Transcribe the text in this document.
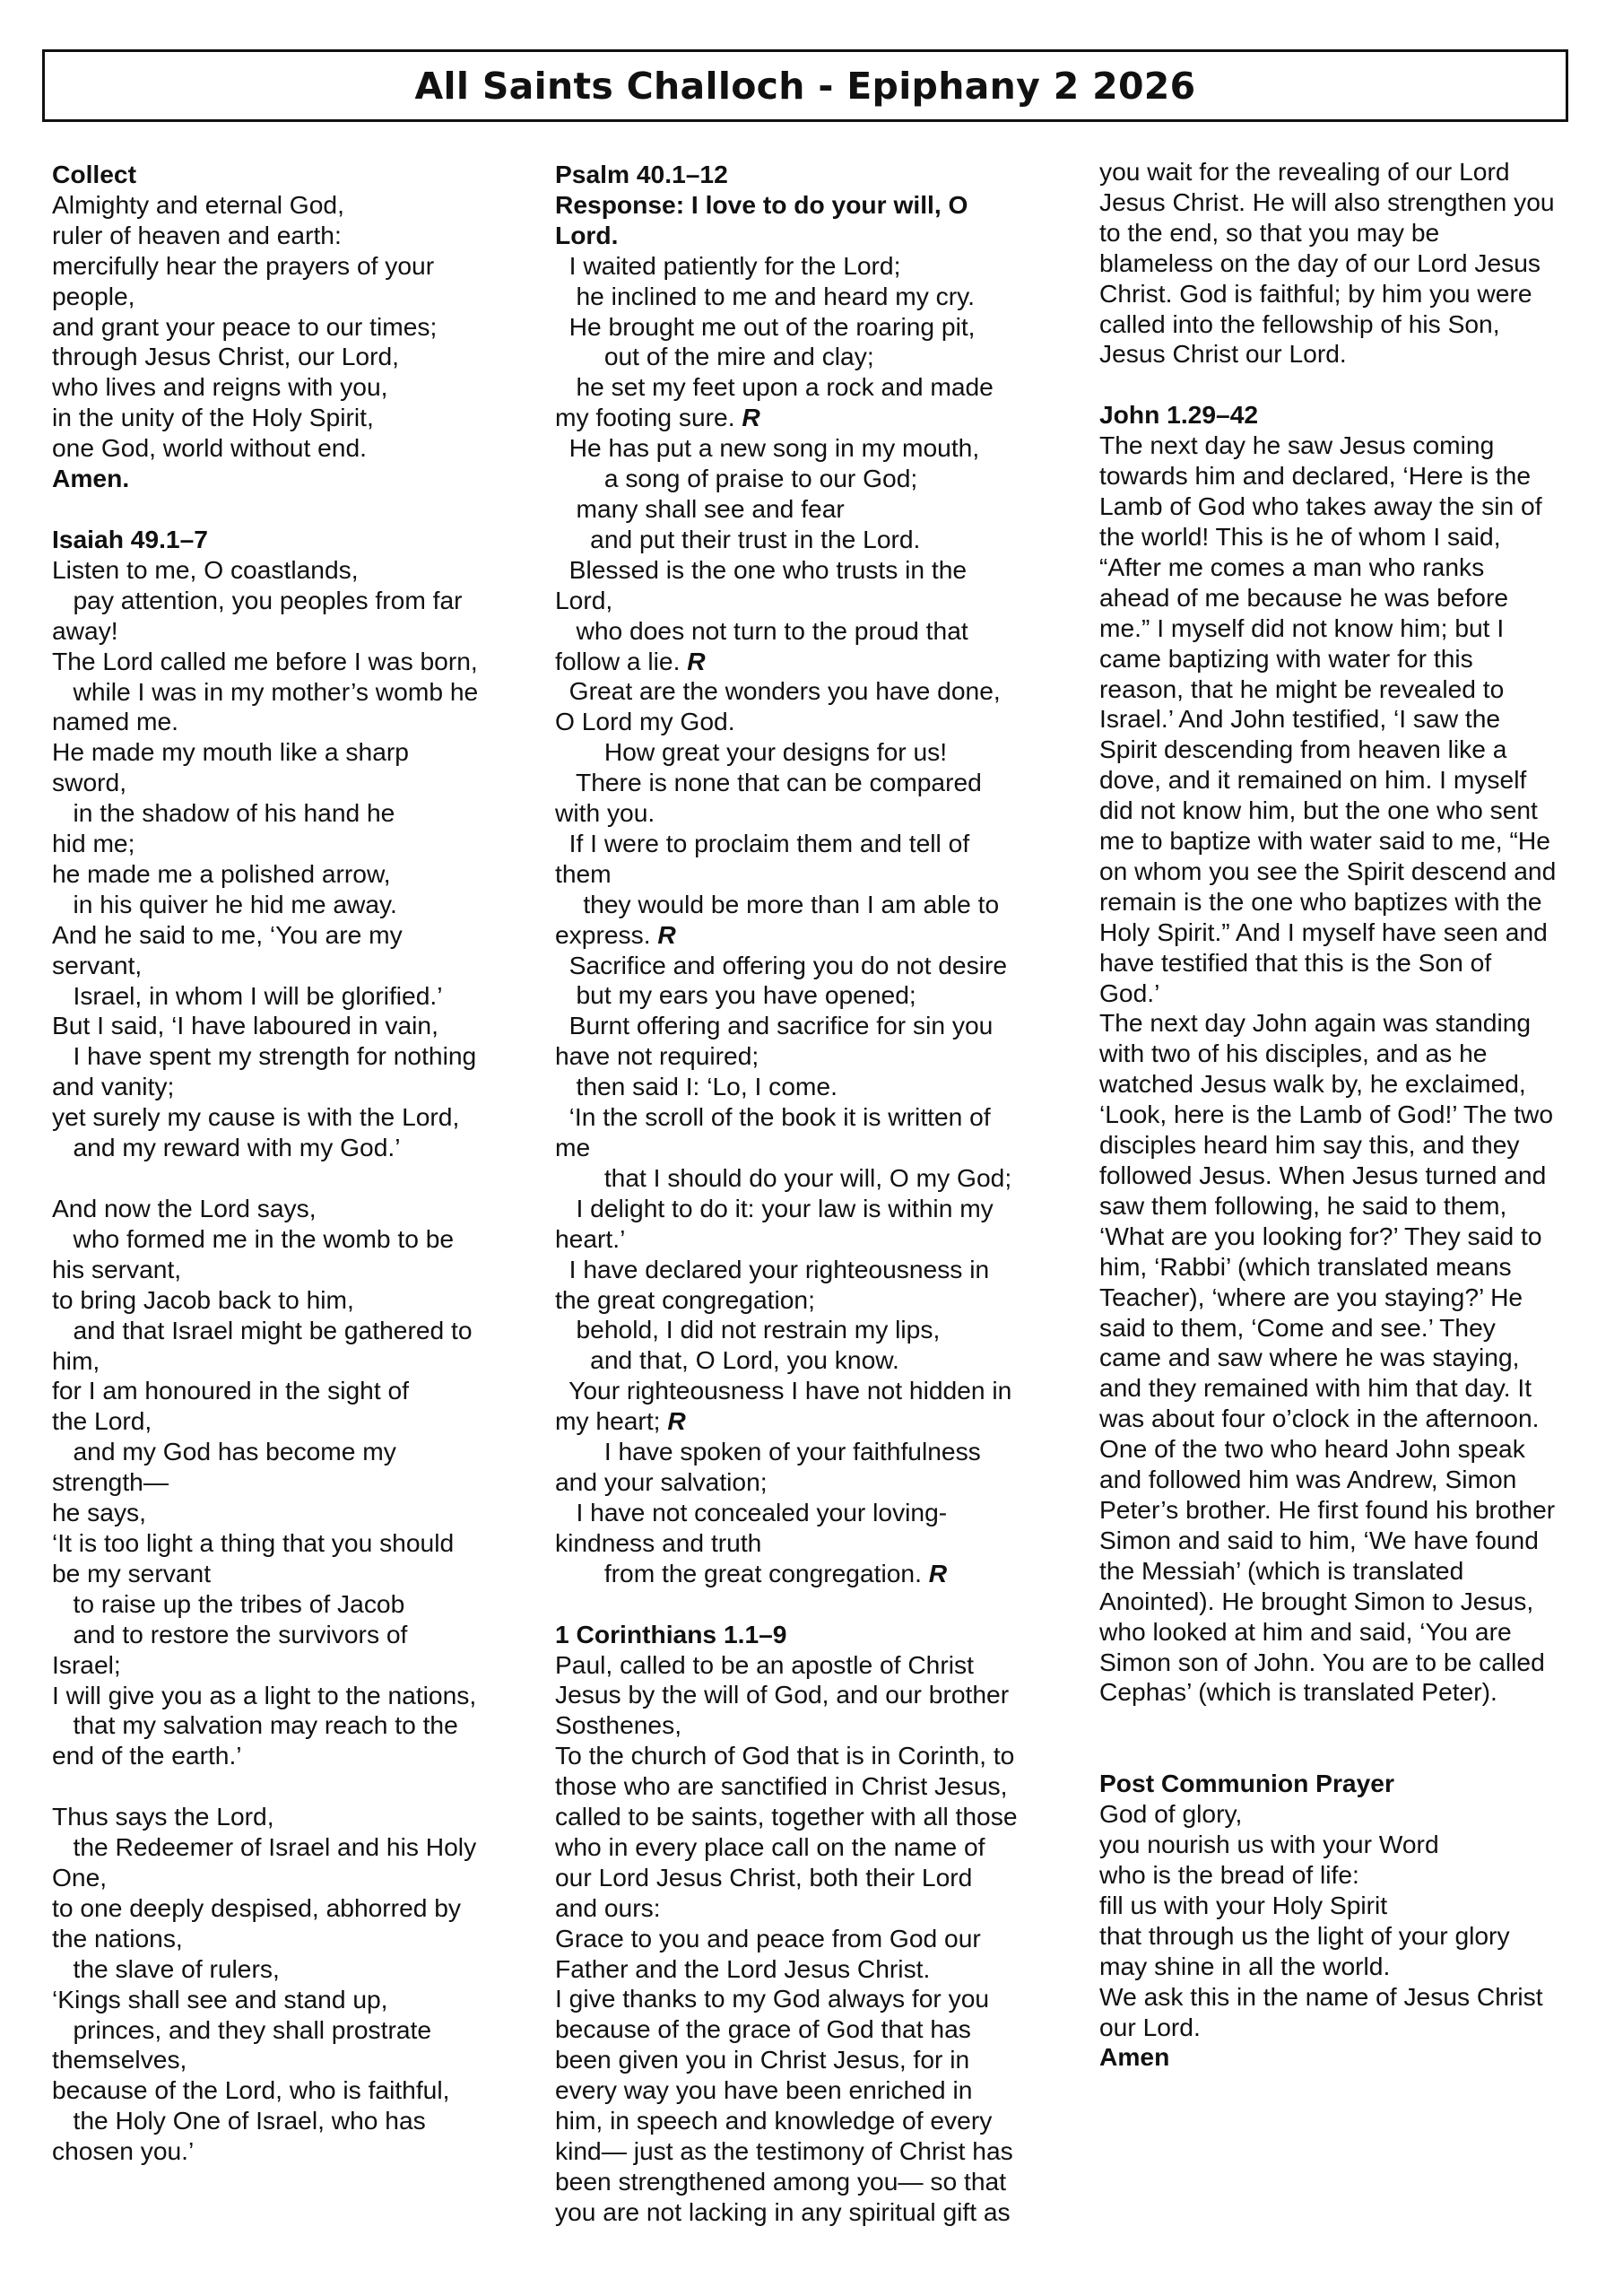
All Saints Challoch - Epiphany 2 2026
Collect
Almighty and eternal God,
ruler of heaven and earth:
mercifully hear the prayers of your
people,
and grant your peace to our times;
through Jesus Christ, our Lord,
who lives and reigns with you,
in the unity of the Holy Spirit,
one God, world without end.
Amen.
Isaiah 49.1–7
Listen to me, O coastlands,
pay attention, you peoples from far
away!
The Lord called me before I was born,
while I was in my mother’s womb he
named me.
He made my mouth like a sharp
sword,
in the shadow of his hand he
hid me;
he made me a polished arrow,
in his quiver he hid me away.
And he said to me, ‘You are my
servant,
Israel, in whom I will be glorified.’
But I said, ‘I have laboured in vain,
I have spent my strength for nothing
and vanity;
yet surely my cause is with the Lord,
and my reward with my God.’
And now the Lord says,
who formed me in the womb to be
his servant,
to bring Jacob back to him,
and that Israel might be gathered to
him,
for I am honoured in the sight of
the Lord,
and my God has become my
strength—
he says,
‘It is too light a thing that you should
be my servant
to raise up the tribes of Jacob
and to restore the survivors of
Israel;
I will give you as a light to the nations,
that my salvation may reach to the
end of the earth.’
Thus says the Lord,
the Redeemer of Israel and his Holy
One,
to one deeply despised, abhorred by
the nations,
the slave of rulers,
‘Kings shall see and stand up,
princes, and they shall prostrate
themselves,
because of the Lord, who is faithful,
the Holy One of Israel, who has
chosen you.’
Psalm 40.1–12
Response: I love to do your will, O
Lord.
I waited patiently for the Lord;
he inclined to me and heard my cry.
He brought me out of the roaring pit,
out of the mire and clay;
he set my feet upon a rock and made
my footing sure. R
He has put a new song in my mouth,
a song of praise to our God;
many shall see and fear
and put their trust in the Lord.
Blessed is the one who trusts in the
Lord,
who does not turn to the proud that
follow a lie. R
Great are the wonders you have done,
O Lord my God.
How great your designs for us!
There is none that can be compared
with you.
If I were to proclaim them and tell of
them
they would be more than I am able to
express. R
Sacrifice and offering you do not desire
but my ears you have opened;
Burnt offering and sacrifice for sin you
have not required;
then said I: ‘Lo, I come.
‘In the scroll of the book it is written of
me
that I should do your will, O my God;
I delight to do it: your law is within my
heart.’
I have declared your righteousness in
the great congregation;
behold, I did not restrain my lips,
and that, O Lord, you know.
Your righteousness I have not hidden in
my heart; R
I have spoken of your faithfulness
and your salvation;
I have not concealed your loving-
kindness and truth
from the great congregation. R
1 Corinthians 1.1–9
Paul, called to be an apostle of Christ
Jesus by the will of God, and our brother
Sosthenes,
To the church of God that is in Corinth, to
those who are sanctified in Christ Jesus,
called to be saints, together with all those
who in every place call on the name of
our Lord Jesus Christ, both their Lord
and ours:
Grace to you and peace from God our
Father and the Lord Jesus Christ.
I give thanks to my God always for you
because of the grace of God that has
been given you in Christ Jesus, for in
every way you have been enriched in
him, in speech and knowledge of every
kind— just as the testimony of Christ has
been strengthened among you— so that
you are not lacking in any spiritual gift as
you wait for the revealing of our Lord
Jesus Christ. He will also strengthen you
to the end, so that you may be
blameless on the day of our Lord Jesus
Christ. God is faithful; by him you were
called into the fellowship of his Son,
Jesus Christ our Lord.
John 1.29–42
The next day he saw Jesus coming
towards him and declared, ‘Here is the
Lamb of God who takes away the sin of
the world! This is he of whom I said,
“After me comes a man who ranks
ahead of me because he was before
me.” I myself did not know him; but I
came baptizing with water for this
reason, that he might be revealed to
Israel.’ And John testified, ‘I saw the
Spirit descending from heaven like a
dove, and it remained on him. I myself
did not know him, but the one who sent
me to baptize with water said to me, “He
on whom you see the Spirit descend and
remain is the one who baptizes with the
Holy Spirit.” And I myself have seen and
have testified that this is the Son of
God.’
The next day John again was standing
with two of his disciples, and as he
watched Jesus walk by, he exclaimed,
‘Look, here is the Lamb of God!’ The two
disciples heard him say this, and they
followed Jesus. When Jesus turned and
saw them following, he said to them,
‘What are you looking for?’ They said to
him, ‘Rabbi’ (which translated means
Teacher), ‘where are you staying?’ He
said to them, ‘Come and see.’ They
came and saw where he was staying,
and they remained with him that day. It
was about four o’clock in the afternoon.
One of the two who heard John speak
and followed him was Andrew, Simon
Peter’s brother. He first found his brother
Simon and said to him, ‘We have found
the Messiah’ (which is translated
Anointed). He brought Simon to Jesus,
who looked at him and said, ‘You are
Simon son of John. You are to be called
Cephas’ (which is translated Peter).
Post Communion Prayer
God of glory,
you nourish us with your Word
who is the bread of life:
fill us with your Holy Spirit
that through us the light of your glory
may shine in all the world.
We ask this in the name of Jesus Christ
our Lord.
Amen
